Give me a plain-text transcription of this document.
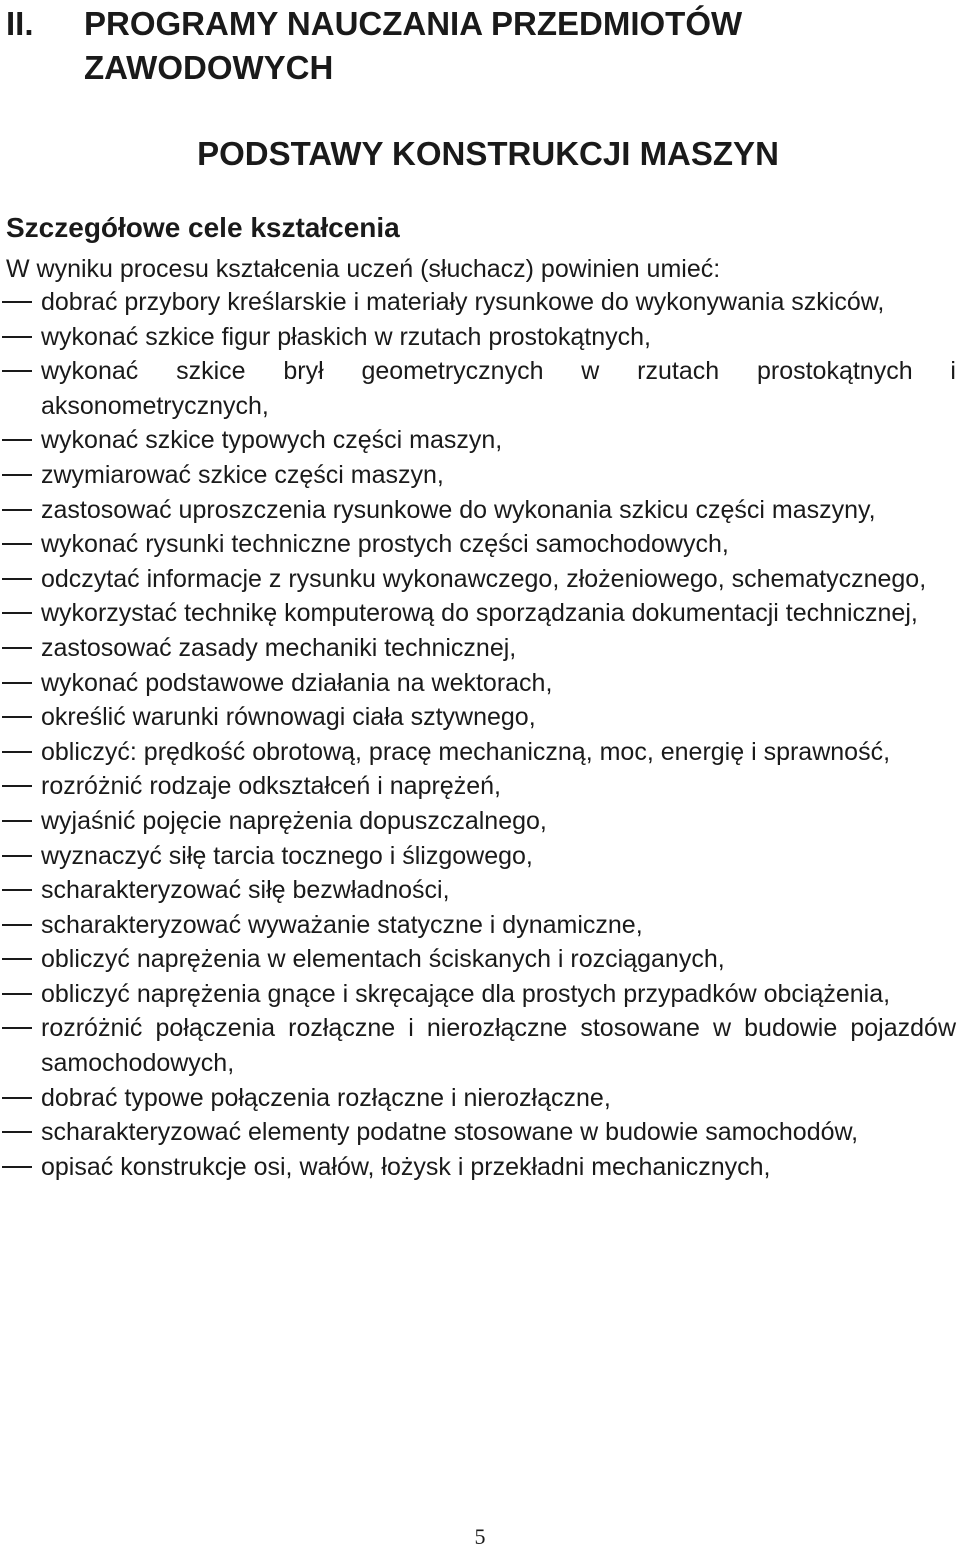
II.	PROGRAMY NAUCZANIA PRZEDMIOTÓW ZAWODOWYCH
PODSTAWY KONSTRUKCJI MASZYN
Szczegółowe cele kształcenia

W wyniku procesu kształcenia uczeń (słuchacz) powinien umieć:

dobrać przybory kreślarskie i materiały rysunkowe do wykonywania szkiców,
wykonać szkice figur płaskich w rzutach prostokątnych,
wykonać szkice brył geometrycznych w rzutach prostokątnych i aksonometrycznych,
wykonać szkice typowych części maszyn,
zwymiarować szkice części maszyn,
zastosować uproszczenia rysunkowe do wykonania szkicu części maszyny,
wykonać rysunki techniczne prostych części samochodowych,
odczytać informacje z rysunku wykonawczego, złożeniowego, schematycznego,
wykorzystać technikę komputerową do sporządzania dokumentacji technicznej,
zastosować zasady mechaniki technicznej,
wykonać podstawowe działania na wektorach,
określić warunki równowagi ciała sztywnego,
obliczyć: prędkość obrotową, pracę mechaniczną, moc, energię i sprawność,
rozróżnić rodzaje odkształceń i naprężeń,
wyjaśnić pojęcie naprężenia dopuszczalnego,
wyznaczyć siłę tarcia tocznego i ślizgowego,
scharakteryzować siłę bezwładności,
scharakteryzować wyważanie statyczne i dynamiczne,
obliczyć naprężenia w elementach ściskanych i rozciąganych,
obliczyć naprężenia gnące i skręcające dla prostych przypadków obciążenia,
rozróżnić połączenia rozłączne i nierozłączne stosowane w budowie pojazdów samochodowych,
dobrać typowe połączenia rozłączne i nierozłączne,
scharakteryzować elementy podatne stosowane w budowie samochodów,
opisać konstrukcje osi, wałów, łożysk i przekładni mechanicznych,
5
